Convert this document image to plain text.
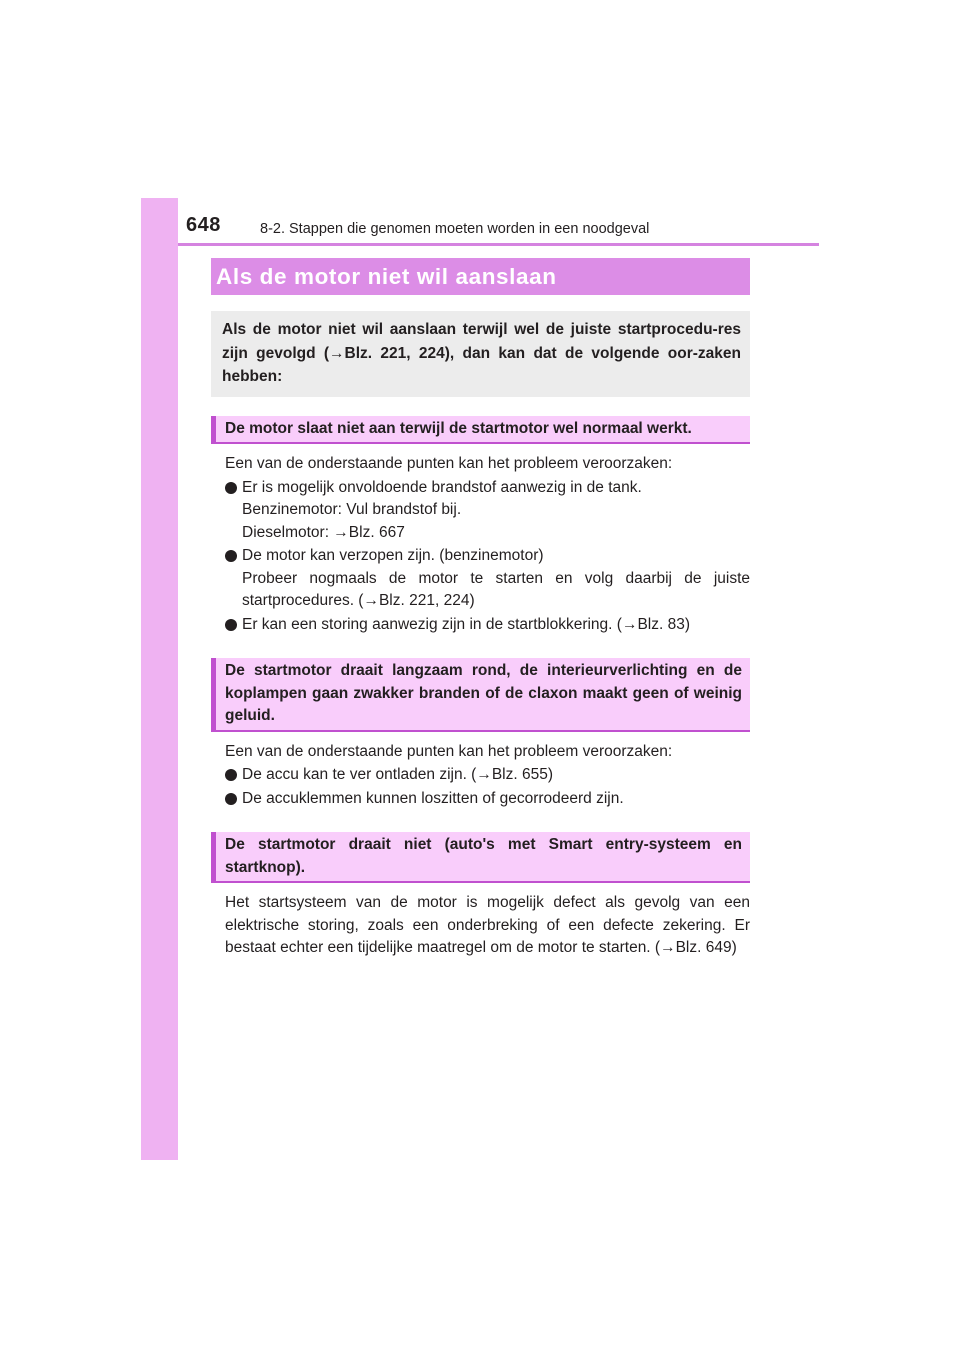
648	8-2. Stappen die genomen moeten worden in een noodgeval
Als de motor niet wil aanslaan
Als de motor niet wil aanslaan terwijl wel de juiste startprocedu-res zijn gevolgd (→Blz. 221, 224), dan kan dat de volgende oor-zaken hebben:
De motor slaat niet aan terwijl de startmotor wel normaal werkt.

Een van de onderstaande punten kan het probleem veroorzaken:

Er is mogelijk onvoldoende brandstof aanwezig in de tank.
Benzinemotor: Vul brandstof bij.
Dieselmotor: →Blz. 667
De motor kan verzopen zijn. (benzinemotor)
Probeer nogmaals de motor te starten en volg daarbij de juiste startprocedures. (→Blz. 221, 224)
Er kan een storing aanwezig zijn in de startblokkering. (→Blz. 83)
De startmotor draait langzaam rond, de interieurverlichting en de koplampen gaan zwakker branden of de claxon maakt geen of weinig geluid.

Een van de onderstaande punten kan het probleem veroorzaken:

De accu kan te ver ontladen zijn. (→Blz. 655)
De accuklemmen kunnen loszitten of gecorrodeerd zijn.
De startmotor draait niet (auto's met Smart entry-systeem en startknop).

Het startsysteem van de motor is mogelijk defect als gevolg van een elektrische storing, zoals een onderbreking of een defecte zekering. Er bestaat echter een tijdelijke maatregel om de motor te starten. (→Blz. 649)
